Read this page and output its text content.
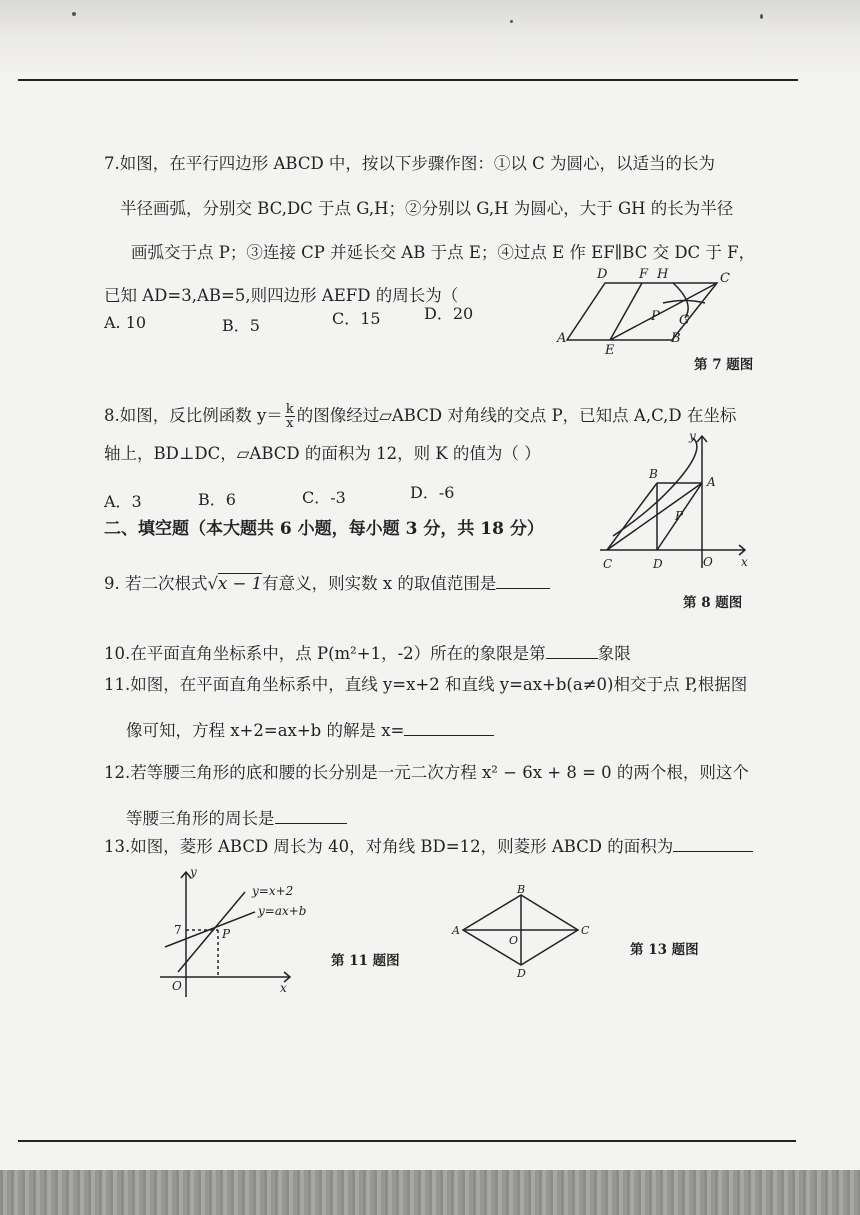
7.如图，在平行四边形 ABCD 中，按以下步骤作图：①以 C 为圆心，以适当的长为
半径画弧，分别交 BC,DC 于点 G,H；②分别以 G,H 为圆心，大于 GH 的长为半径
画弧交于点 P；③连接 CP 并延长交 AB 于点 E；④过点 E 作 EF∥BC 交 DC 于 F，
已知 AD=3,AB=5,则四边形 AEFD 的周长为（
A. 10	B．5	C．15	D．20
D F H	C
P G
A
E
B
第 7 题图
8.如图，反比例函数 $y= \frac{k}{x}$ 的图像经过▱ABCD 对角线的交点 P，已知点 A,C,D 在坐标
轴上，BD⊥DC，▱ABCD 的面积为 12，则 K 的值为（ ）
A．3	B．6	C．-3	D．-6
y
B
A
P
C	D	O x
第 8 题图
二、填空题（本大题共 6 小题，每小题 3 分，共 18 分）
9. 若二次根式√x − 1有意义，则实数 x 的取值范围是
10.在平面直角坐标系中，点 P(m²+1，-2）所在的象限是第	象限
11.如图，在平面直角坐标系中，直线 y=x+2 和直线 y=ax+b(a≠0)相交于点 P,根据图
像可知，方程 x+2=ax+b 的解是 x=
12.若等腰三角形的底和腰的长分别是一元二次方程 x² − 6x + 8 = 0 的两个根，则这个
等腰三角形的周长是
13.如图，菱形 ABCD 周长为 40，对角线 BD=12，则菱形 ABCD 的面积为
y
y=x+2
y=ax+b
7	P
O	x
第 11 题图
B
A
O
C
D
第 13 题图
